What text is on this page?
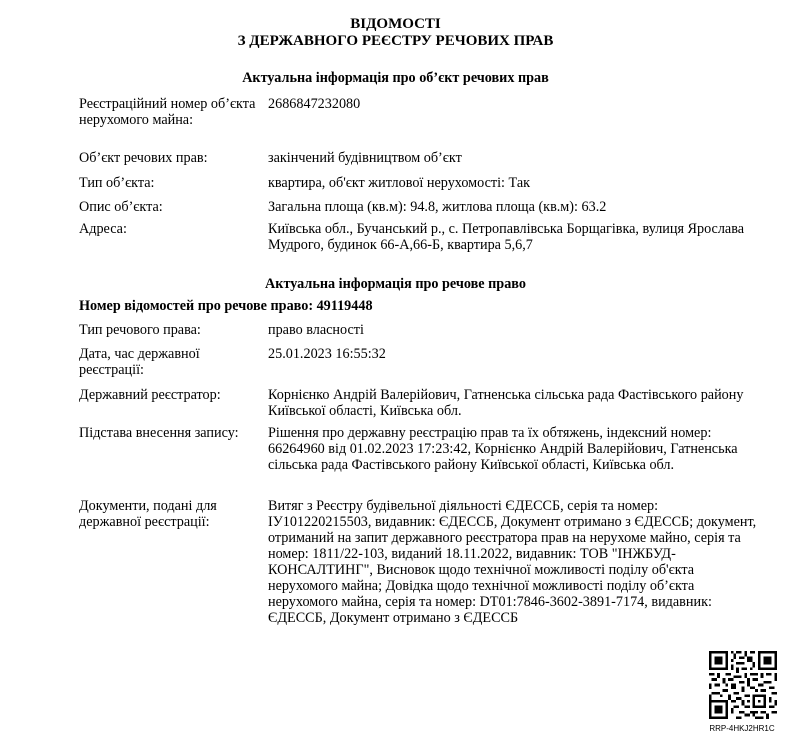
ВІДОМОСТІ
З ДЕРЖАВНОГО РЕЄСТРУ РЕЧОВИХ ПРАВ
Актуальна інформація про об’єкт речових прав
Реєстраційний номер об’єкта нерухомого майна:
2686847232080
Об’єкт речових прав:	закінчений будівництвом об’єкт
Тип об’єкта:	квартира, об'єкт житлової нерухомості: Так
Опис об’єкта:	Загальна площа (кв.м): 94.8, житлова площа (кв.м): 63.2
Адреса:	Київська обл., Бучанський р., с. Петропавлівська Борщагівка, вулиця Ярослава Мудрого, будинок 66-А,66-Б, квартира 5,6,7
Актуальна інформація про речове право
Номер відомостей про речове право: 49119448
Тип речового права:	право власності
Дата, час державної реєстрації:
25.01.2023 16:55:32
Державний реєстратор:	Корнієнко Андрій Валерійович, Гатненська сільська рада Фастівського району Київської області, Київська обл.
Підстава внесення запису:	Рішення про державну реєстрацію прав та їх обтяжень, індексний номер: 66264960 від 01.02.2023 17:23:42, Корнієнко Андрій Валерійович, Гатненська сільська рада Фастівського району Київської області, Київська обл.
Документи, подані для державної реєстрації:
Витяг з Реєстру будівельної діяльності ЄДЕССБ, серія та номер: ІУ101220215503, видавник: ЄДЕССБ, Документ отримано з ЄДЕССБ; документ, отриманий на запит державного реєстратора прав на нерухоме майно, серія та номер: 1811/22-103, виданий 18.11.2022, видавник: ТОВ "ІНЖБУД-КОНСАЛТИНГ", Висновок щодо технічної можливості поділу об'єкта нерухомого майна; Довідка щодо технічної можливості поділу об’єкта нерухомого майна, серія та номер: DT01:7846-3602-3891-7174, видавник: ЄДЕССБ, Документ отримано з ЄДЕССБ
RRP-4HKJ2HR1C
